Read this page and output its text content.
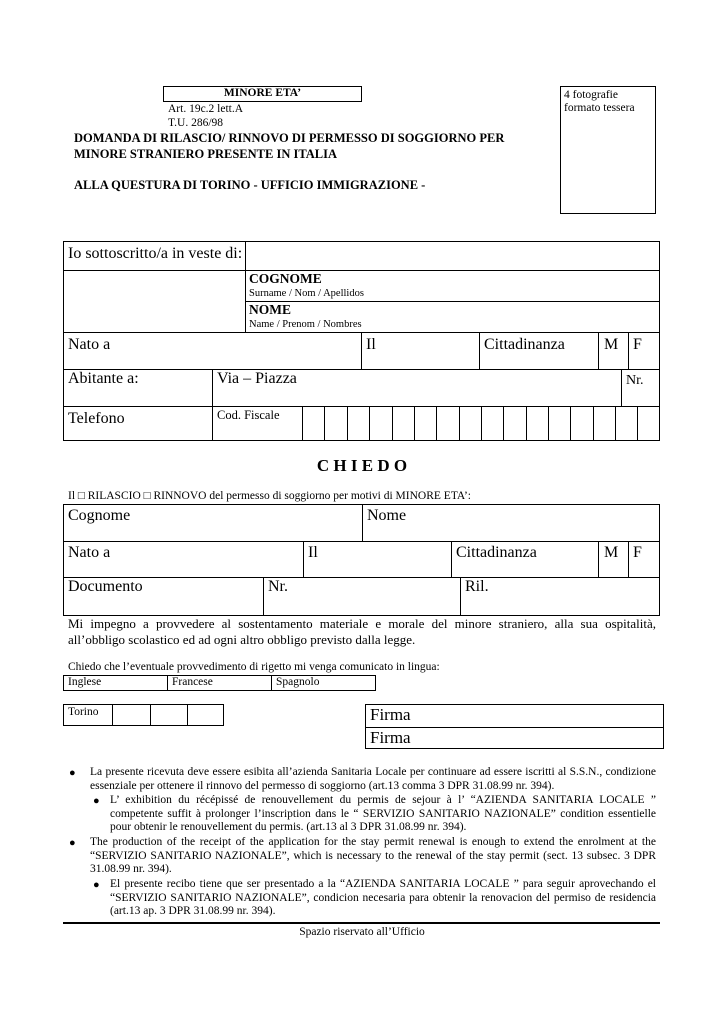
MINORE ETA’
Art. 19c.2 lett.A
T.U. 286/98
DOMANDA DI RILASCIO/ RINNOVO DI PERMESSO DI SOGGIORNO PER
MINORE STRANIERO PRESENTE IN ITALIA
ALLA QUESTURA DI TORINO - UFFICIO IMMIGRAZIONE -
4 fotografie
formato tessera
Io sottoscritto/a in veste di:
COGNOME
Surname / Nom / Apellidos
NOME
Name / Prenom / Nombres
Nato a	Il	Cittadinanza M F
Abitante a:	Via – Piazza	Nr.
Telefono	Cod. Fiscale
C H I E D O
Il □ RILASCIO □ RINNOVO del permesso di soggiorno per motivi di MINORE ETA’:
Cognome	Nome
Nato a	Il	Cittadinanza	M F
Documento	Nr.	Ril.
Mi impegno a provvedere al sostentamento materiale e morale del minore straniero, alla sua ospitalità, all’obbligo scolastico ed ad ogni altro obbligo previsto dalla legge.
Chiedo che l’eventuale provvedimento di rigetto mi venga comunicato in lingua:
Inglese	Francese	Spagnolo
Torino	Firma
Firma
● La presente ricevuta deve essere esibita all’azienda Sanitaria Locale per continuare ad essere iscritti al S.S.N., condizione essenziale per ottenere il rinnovo del permesso di soggiorno (art.13 comma 3 DPR 31.08.99 nr. 394).
● L’ exhibition du récépissé de renouvellement du permis de sejour à l’ “AZIENDA SANITARIA LOCALE ” competente suffit à prolonger l’inscription dans le “ SERVIZIO SANITARIO NAZIONALE” condition essentielle pour obtenir le renouvellement du permis. (art.13 al 3 DPR 31.08.99 nr. 394).
● The production of the receipt of the application for the stay permit renewal is enough to extend the enrolment at the “SERVIZIO SANITARIO NAZIONALE”, which is necessary to the renewal of the stay permit (sect. 13 subsec. 3 DPR 31.08.99 nr. 394).
● El presente recibo tiene que ser presentado a la “AZIENDA SANITARIA LOCALE ” para seguir aprovechando el “SERVIZIO SANITARIO NAZIONALE”, condicion necesaria para obtenir la renovacion del permiso de residencia (art.13 ap. 3 DPR 31.08.99 nr. 394).
Spazio riservato all’Ufficio
